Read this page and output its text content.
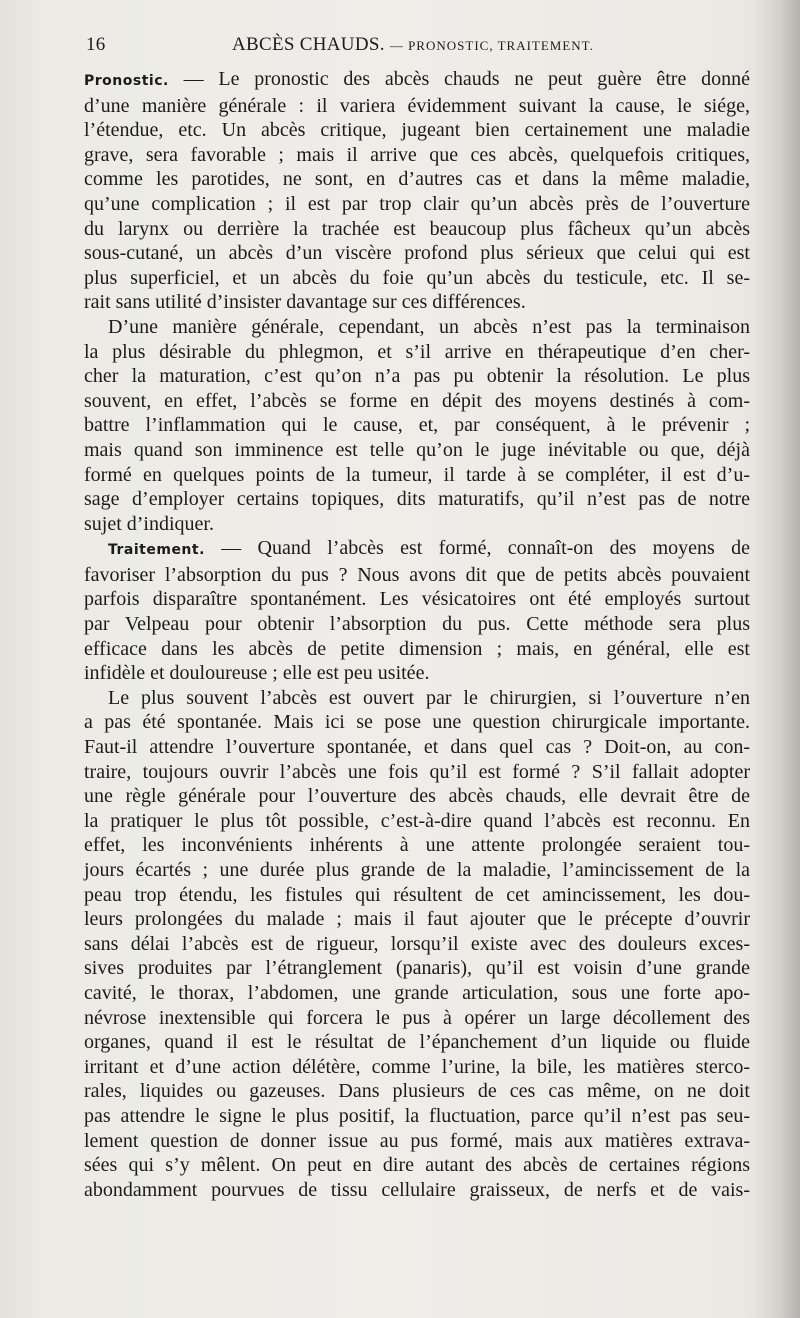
16	ABCÈS CHAUDS. — PRONOSTIC, TRAITEMENT.
Pronostic. — Le pronostic des abcès chauds ne peut guère être donné
d’une manière générale : il variera évidemment suivant la cause, le siége,
l’étendue, etc. Un abcès critique, jugeant bien certainement une maladie
grave, sera favorable ; mais il arrive que ces abcès, quelquefois critiques,
comme les parotides, ne sont, en d’autres cas et dans la même maladie,
qu’une complication ; il est par trop clair qu’un abcès près de l’ouverture
du larynx ou derrière la trachée est beaucoup plus fâcheux qu’un abcès
sous-cutané, un abcès d’un viscère profond plus sérieux que celui qui est
plus superficiel, et un abcès du foie qu’un abcès du testicule, etc. Il se-
rait sans utilité d’insister davantage sur ces différences.
D’une manière générale, cependant, un abcès n’est pas la terminaison
la plus désirable du phlegmon, et s’il arrive en thérapeutique d’en cher-
cher la maturation, c’est qu’on n’a pas pu obtenir la résolution. Le plus
souvent, en effet, l’abcès se forme en dépit des moyens destinés à com-
battre l’inflammation qui le cause, et, par conséquent, à le prévenir ;
mais quand son imminence est telle qu’on le juge inévitable ou que, déjà
formé en quelques points de la tumeur, il tarde à se compléter, il est d’u-
sage d’employer certains topiques, dits maturatifs, qu’il n’est pas de notre
sujet d’indiquer.
Traitement. — Quand l’abcès est formé, connaît-on des moyens de
favoriser l’absorption du pus ? Nous avons dit que de petits abcès pouvaient
parfois disparaître spontanément. Les vésicatoires ont été employés surtout
par Velpeau pour obtenir l’absorption du pus. Cette méthode sera plus
efficace dans les abcès de petite dimension ; mais, en général, elle est
infidèle et douloureuse ; elle est peu usitée.
Le plus souvent l’abcès est ouvert par le chirurgien, si l’ouverture n’en
a pas été spontanée. Mais ici se pose une question chirurgicale importante.
Faut-il attendre l’ouverture spontanée, et dans quel cas ? Doit-on, au con-
traire, toujours ouvrir l’abcès une fois qu’il est formé ? S’il fallait adopter
une règle générale pour l’ouverture des abcès chauds, elle devrait être de
la pratiquer le plus tôt possible, c’est-à-dire quand l’abcès est reconnu. En
effet, les inconvénients inhérents à une attente prolongée seraient tou-
jours écartés ; une durée plus grande de la maladie, l’amincissement de la
peau trop étendu, les fistules qui résultent de cet amincissement, les dou-
leurs prolongées du malade ; mais il faut ajouter que le précepte d’ouvrir
sans délai l’abcès est de rigueur, lorsqu’il existe avec des douleurs exces-
sives produites par l’étranglement (panaris), qu’il est voisin d’une grande
cavité, le thorax, l’abdomen, une grande articulation, sous une forte apo-
névrose inextensible qui forcera le pus à opérer un large décollement des
organes, quand il est le résultat de l’épanchement d’un liquide ou fluide
irritant et d’une action délétère, comme l’urine, la bile, les matières sterco-
rales, liquides ou gazeuses. Dans plusieurs de ces cas même, on ne doit
pas attendre le signe le plus positif, la fluctuation, parce qu’il n’est pas seu-
lement question de donner issue au pus formé, mais aux matières extrava-
sées qui s’y mêlent. On peut en dire autant des abcès de certaines régions
abondamment pourvues de tissu cellulaire graisseux, de nerfs et de vais-
